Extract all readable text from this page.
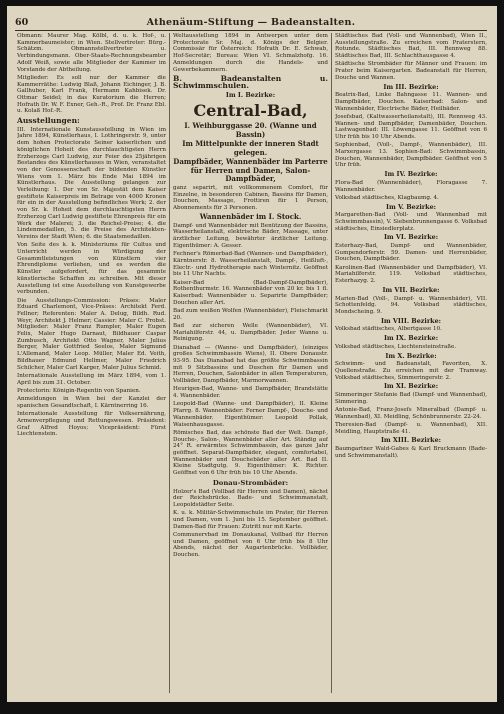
60	Athenäum-Stiftung — Badeanstalten.

Obmann: Maurer Mag. Kölbl, d. u. k. Hof-, u. Kammerbaumeister; in Wien. Stellvertreter: Bürg.-Schätzm. Obmannstellvertreter u. Verbindungsmann. Ober-Staats-Rechnungsbeamter Adolf Weiß, sowie alle Mitglieder der Kammer im Vorstande der Abtheilung.

Mitglieder: Es soll nur der Kammer die Kammerräthe: Ludwig Blaß, Johann Eichinger, J. B. Gallhuber, Karl Frank, Hermann Kahbisek. Dr. Ottmar Seidel; in das Kuratorium die Herren; Hofrath Dr. W. F. Exner, Geh.-R., Prof. Dr. Franz Ebl. u. Kolaß Hof.-R.

Ausstellungen:

III. Internationale Kunstausstellung in Wien im Jahre 1894, Künstlerhaus, I. Lothringerstr. 9, unter dem hohen Protectorate Seiner kaiserlichen und königlichen Hoheit des durchlauchtigsten Herrn Erzherzogs Carl Ludwig, zur Feier des 25jährigen Bestandes des Künstlerhauses in Wien, veranstaltet von der Genossenschaft der bildenden Künstler Wiens vom 1. März bis Ende Mai 1894 im Künstlerhaus. Die Ausstellung gelangen zur Verleihung: 1. Der von Sr. Majestät dem Kaiser gestiftete Kaiserpreis im Betrage von 4000 Kronen für ein in der Ausstellung befindliches Werk; 2. der von Sr. k. Hoheit dem durchlauchtigsten Herrn Erzherzog Carl Ludwig gestiftete Ehrenpreis für ein Werk der Malerei; 3. die Reichel-Preise; 4. die Lindenmedaillen, 5. die Preise des Architekten-Vereins der Stadt Wien; 6. die Staatsmedaillen.

Von Seite des k. k. Ministeriums für Cultus und Unterricht werden in Würdigung der Gesammtleistungen von Künstlern vier Ehrendiplome verliehen, und es werden die Künstler aufgefordert, für das gesammte künstlerische Schaffen zu schreiben. Mit dieser Ausstellung ist eine Ausstellung von Kunstgewerbe verbunden.

Die Ausstellungs-Commission: Präses: Maler Eduard Charlemont, Vice-Präses: Architekt Ferd. Fellner; Referenten: Maler A. Delug, Bildh. Rud. Weyr, Architekt J. Helmer; Cassier: Maler C. Probst. Mitglieder: Maler Franz Rumpler, Maler Eugen Felix, Maler Hugo Darnaut, Bildhauer Caspar Zumbusch, Architekt Otto Wagner, Maler Julius Berger, Maler Gottfried Seelos, Maler Sigmund L'Allemand, Maler Leop. Müller, Maler Ed. Veith, Bildhauer Edmund Hellmer, Maler Friedrich Schilcher, Maler Carl Karger, Maler Julius Schmid.

Internationale Ausstellung im März 1894, vom 1. April bis zum 31. October.

Protectorin: Königin-Regentin von Spanien.

Anmeldungen in Wien bei der Kanzlei der spanischen Gesandtschaft, I. Kärntnerring 16.

Internationale Ausstellung für Volksernährung, Armenverpflegung und Rettungswesen. Präsident: Graf Alfred Hoyos; Vicepräsident: Fürst Liechtenstein.

Weltausstellung 1894 in Antwerpen unter dem Protectorate Sr. Maj. d. Königs der Belgier. Commissär für Österreich: Hofrath Dr. E. Schwab, Hof-Secretär; Bureau: Wien VI. Schmalzhofg. 16. Anmeldungen durch die Handels- und Gewerbekammern.

B. Badeanstalten u. Schwimmschulen.

Im I. Bezirke:

Central-Bad,

I. Weihburggasse 20. (Wanne und Bassin)

Im Mittelpunkte der inneren Stadt gelegen.

Dampfbäder, Wannenbäder im Parterre für Herren und Damen, Salon-Dampfbäder,

ganz separirt, mit vollkommenem Comfort, für Einzelne, in besonderen Cabinen, Bassins für Damen, Douchen, Massage, Frottiren für 1 Person, Abonnements für 3 Personen.

Wannenbäder im I. Stock.

Dampf- und Wannenbäder mit Benützung der Bassins, Wasserheilanstalt, elektrische Bäder, Massage, unter ärztlicher Leitung, bewährter ärztlicher Leitung. Eigenthümer: A. Gesser.

Fechner's Römerbad-Bad (Wannen- und Dampfbäder), Kärntnerstr. 8. Wasserheilanstalt, Dampf-, Heißluft-, Electr.- und Hydrotherapie nach Winternitz. Geöffnet bis 11 Uhr Nachts.

Kaiser-Bad (Bad-Dampf-Dampfbäder), Rothenthurmstr. 16. Wannenbäder von 20 kr. bis 1 fl. Kaiserbad: Wannenbäder u. Separirte Dampfbäder; Douchen aller Art.

Bad zum weißen Wolfen (Wannenbäder), Fleischmarkt 20.

Bad zur sicheren Welle (Wannenbäder), VI. Mariahilferstr. 44, u. Dampfbäder. Jeder Wanne u. Reinigung.

Dianabad — (Wanne- und Dampfbäder), (einziges großes Schwimmbassin Wiens), II. Obere Donaustr. 93-95. Das Dianabad hat das größte Schwimmbassin mit 9 Sitzbassins und Duschen für Damen und Herren, Douchen, Salonbäder in allen Temperaturen, Vollbäder, Dampfbäder, Marmorwannen.

Heurigen-Bad, Wanne- und Dampfbäder, Brandstätte 4. Wannenbäder.

Leopold-Bad (Wanne- und Dampfbäder), II. Kleine Pfarrg. 8. Wannenbäder: Ferner Dampf-, Douche- und Wannenbäder. Eigenthümer: Leopold Pollak, Waisenhausgasse.

Römisches Bad, das schönste Bad der Welt. Dampf-, Douche-, Salon-, Wannenbäder aller Art. Ständig auf 24° R. erwärmtes Schwimmbassin, das ganze Jahr geöffnet. Separat-Dampfbäder, elegant, comfortabel, Wannenbäder und Douchebäder aller Art. Bad II. Kleine Stadtgutg. 9. Eigenthümer: K. Richter. Geöffnet von 6 Uhr früh bis 10 Uhr Abends.

Donau-Strombäder:

Holzer's Bad (Vollbad für Herren und Damen), nächst der Reichsbrücke. Bade- und Schwimmanstalt, Leopoldstädter Seite.

K. u. k. Militär-Schwimmschule im Prater, für Herren und Damen, vom 1. Juni bis 15. September geöffnet. Damen-Bad für Frauen: Zutritt nur mit Karte.

Communervbad im Donaukanal, Vollbad für Herren und Damen, geöffnet von 6 Uhr früh bis 8 Uhr Abends, nächst der Augartenbrücke. Vollbäder, Douchen.

Städtisches Bad (Voll- und Wannenbad), Wien II., Ausstellungstraße. Zu erreichen vom Praterstern, Rotunde. Städtisches Bad, III. Rennweg 88. Städtisches Bad, III. Schlachthausgasse 4.

Städtische Strombäder für Männer und Frauen: im Prater beim Kaisergarten. Badeanstalt für Herren, Douche und Wannen.

Im III. Bezirke:

Beatrix-Bad, Linke Bahngasse 11. Wannen- und Dampfbäder, Douchen. Kaiserbad: Salon- und Wannenbäder, Electrische Bäder, Heilbäder.

Josefsbad, (Kaltwasserheilanstalt), III. Rennweg 43. Wannen- und Dampfbäder, Damenbäder, Douchen. Lastwagenbad: III. Löwengasse 11. Geöffnet von 6 Uhr früh bis 10 Uhr Abends.

Sophienbad, (Voll-, Dampf-, Wannenbäder), III. Marxergasse 13. Sophien-Bad: Schwimmbassin, Douchen, Wannenbäder, Dampfbäder. Geöffnet von 5 Uhr früh.

Im IV. Bezirke:

Flora-Bad (Wannenbäder), Floragasse 7. Wannenbäder.

Volksbad städtisches, Klagbaumg. 4.

Im V. Bezirke:

Margarethen-Bad (Voll- und Wannenbad mit Schwimmbassin), V. Siebenbrunnengasse 6. Volksbad städtisches, Einsiedlerplatz.

Im VI. Bezirke:

Esterhazy-Bad, Dampf- und Wannenbäder, Gumpendorferstr. 59. Damen- und Herrenbäder, Douchen, Dampfbäder.

Karolinen-Bad (Wannenbäder und Dampfbäder), VI. Mariahilferstr. 119. Volksbad städtisches, Esterhazyg. 2.

Im VII. Bezirke:

Marien-Bad (Voll-, Dampf- u. Wannenbäder), VII. Schottenfeldg. 94. Volksbad städtisches, Mondscheing. 9.

Im VIII. Bezirke:

Volksbad städtisches, Albertgasse 10.

Im IX. Bezirke:

Volksbad städtisches, Liechtensteinstraße.

Im X. Bezirke:

Schwimm- und Badeanstalt, Favoriten, X. Quellenstraße. Zu erreichen mit der Tramway. Volksbad städtisches, Simmeringerstr. 2.

Im XI. Bezirke:

Simmeringer Stefanie Bad (Dampf- und Wannenbad), Simmering.

Antonie-Bad, Franz-Josefs Mineralbad (Dampf- u. Wannenbad), XI. Meidling, Schönbrunnerstr. 22-24.

Theresien-Bad (Dampf- u. Wannenbad), XII. Meidling, Hauptstraße 41.

Im XIII. Bezirke:

Baumgartner Wald-Gabes & Karl Bruckmann (Bade- und Schwimmanstalt).
